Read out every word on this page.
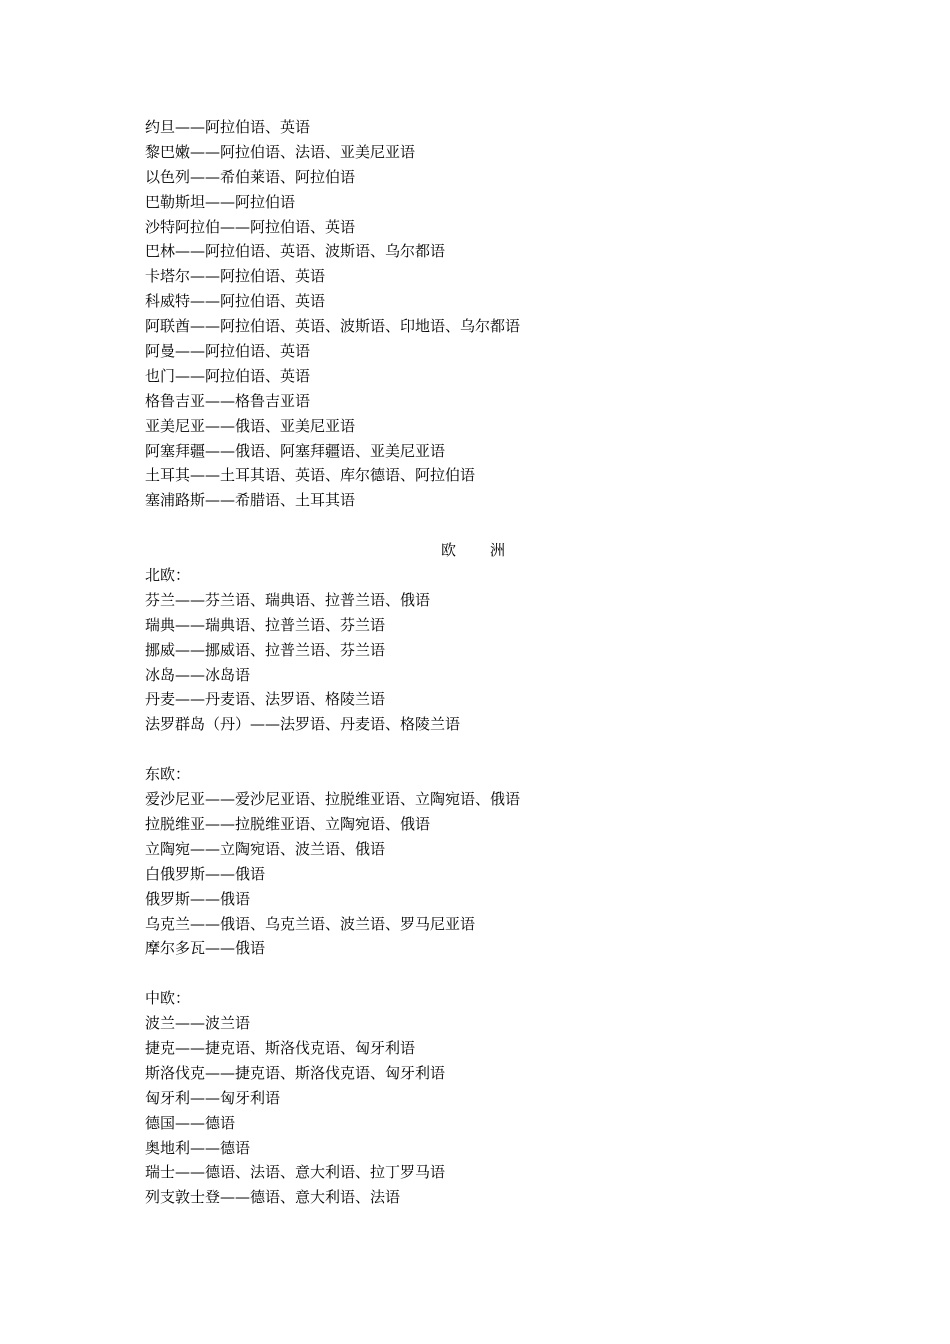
约旦——阿拉伯语、英语
黎巴嫩——阿拉伯语、法语、亚美尼亚语
以色列——希伯莱语、阿拉伯语
巴勒斯坦——阿拉伯语
沙特阿拉伯——阿拉伯语、英语
巴林——阿拉伯语、英语、波斯语、乌尔都语
卡塔尔——阿拉伯语、英语
科威特——阿拉伯语、英语
阿联酋——阿拉伯语、英语、波斯语、印地语、乌尔都语
阿曼——阿拉伯语、英语
也门——阿拉伯语、英语
格鲁吉亚——格鲁吉亚语
亚美尼亚——俄语、亚美尼亚语
阿塞拜疆——俄语、阿塞拜疆语、亚美尼亚语
土耳其——土耳其语、英语、库尔德语、阿拉伯语
塞浦路斯——希腊语、土耳其语
欧 洲
北欧：
芬兰——芬兰语、瑞典语、拉普兰语、俄语
瑞典——瑞典语、拉普兰语、芬兰语
挪威——挪威语、拉普兰语、芬兰语
冰岛——冰岛语
丹麦——丹麦语、法罗语、格陵兰语
法罗群岛（丹）——法罗语、丹麦语、格陵兰语
东欧：
爱沙尼亚——爱沙尼亚语、拉脱维亚语、立陶宛语、俄语
拉脱维亚——拉脱维亚语、立陶宛语、俄语
立陶宛——立陶宛语、波兰语、俄语
白俄罗斯——俄语
俄罗斯——俄语
乌克兰——俄语、乌克兰语、波兰语、罗马尼亚语
摩尔多瓦——俄语
中欧：
波兰——波兰语
捷克——捷克语、斯洛伐克语、匈牙利语
斯洛伐克——捷克语、斯洛伐克语、匈牙利语
匈牙利——匈牙利语
德国——德语
奥地利——德语
瑞士——德语、法语、意大利语、拉丁罗马语
列支敦士登——德语、意大利语、法语
